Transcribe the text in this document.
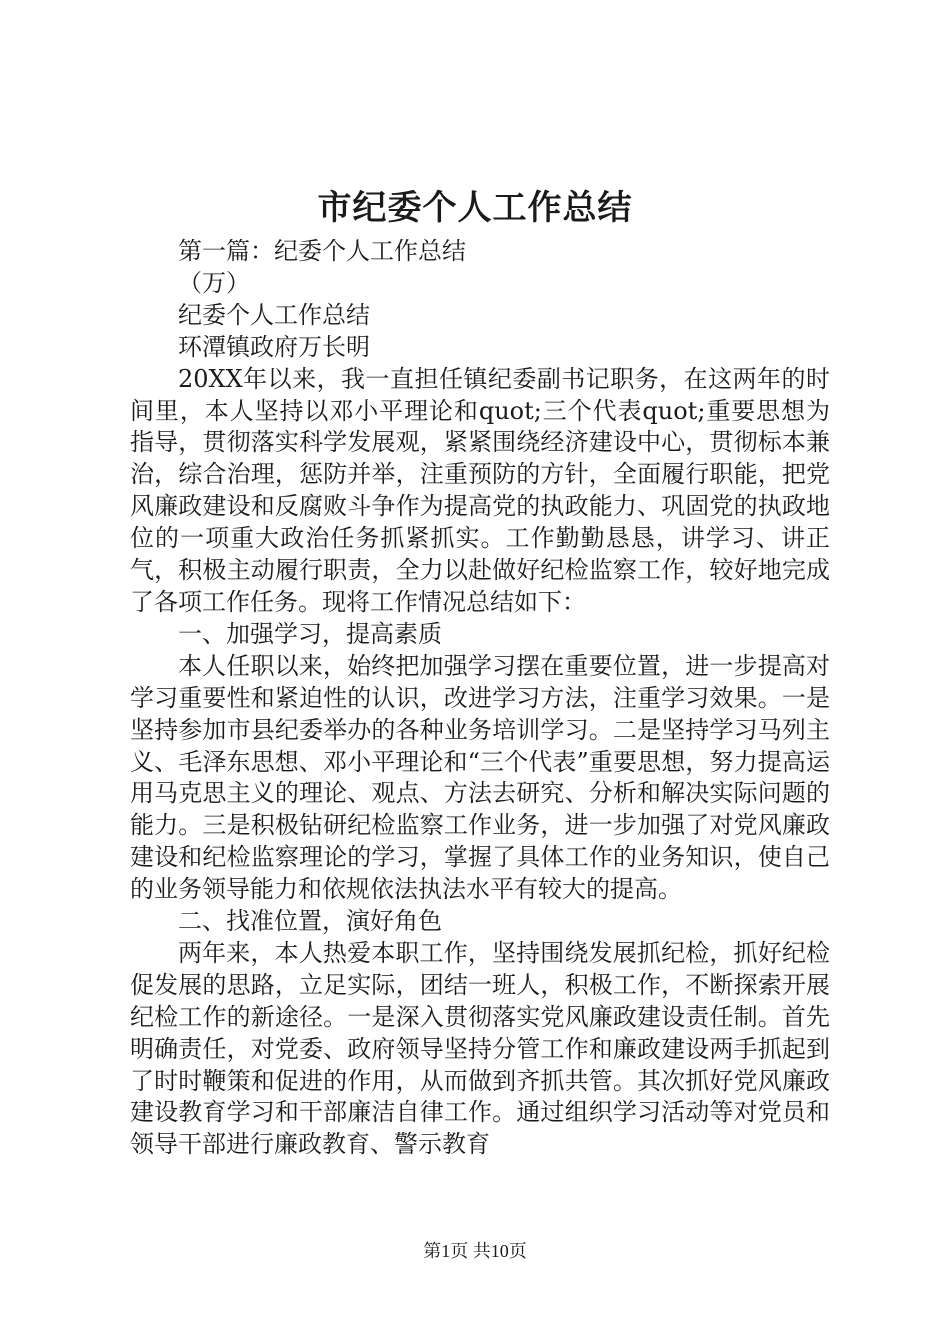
市纪委个人工作总结

第一篇：纪委个人工作总结

（万）

纪委个人工作总结

环潭镇政府万长明

20XX年以来，我一直担任镇纪委副书记职务，在这两年的时间里，本人坚持以邓小平理论和quot;三个代表quot;重要思想为指导，贯彻落实科学发展观，紧紧围绕经济建设中心，贯彻标本兼治，综合治理，惩防并举，注重预防的方针，全面履行职能，把党风廉政建设和反腐败斗争作为提高党的执政能力、巩固党的执政地位的一项重大政治任务抓紧抓实。工作勤勤恳恳，讲学习、讲正气，积极主动履行职责，全力以赴做好纪检监察工作，较好地完成了各项工作任务。现将工作情况总结如下：

一、加强学习，提高素质

本人任职以来，始终把加强学习摆在重要位置，进一步提高对学习重要性和紧迫性的认识，改进学习方法，注重学习效果。一是坚持参加市县纪委举办的各种业务培训学习。二是坚持学习马列主义、毛泽东思想、邓小平理论和“三个代表”重要思想，努力提高运用马克思主义的理论、观点、方法去研究、分析和解决实际问题的能力。三是积极钻研纪检监察工作业务，进一步加强了对党风廉政建设和纪检监察理论的学习，掌握了具体工作的业务知识，使自己的业务领导能力和依规依法执法水平有较大的提高。

二、找准位置，演好角色

两年来，本人热爱本职工作，坚持围绕发展抓纪检，抓好纪检促发展的思路，立足实际，团结一班人，积极工作，不断探索开展纪检工作的新途径。一是深入贯彻落实党风廉政建设责任制。首先明确责任，对党委、政府领导坚持分管工作和廉政建设两手抓起到了时时鞭策和促进的作用，从而做到齐抓共管。其次抓好党风廉政建设教育学习和干部廉洁自律工作。通过组织学习活动等对党员和领导干部进行廉政教育、警示教育

第1页 共10页
